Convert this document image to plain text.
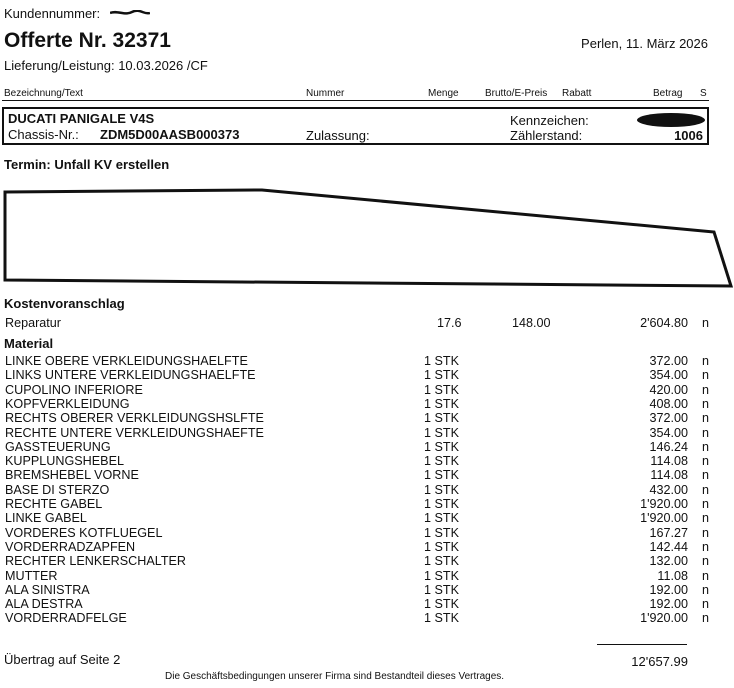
Kundennummer:
Offerte Nr. 32371	Perlen, 11. März 2026
Lieferung/Leistung: 10.03.2026 /CF
Bezeichnung/Text	Nummer	Menge	Brutto/E-Preis Rabatt	Betrag S
DUCATI PANIGALE V4S
Chassis-Nr.: ZDM5D00AASB000373	Zulassung:
Kennzeichen:
Zählerstand:	1006
Termin: Unfall KV erstellen
Kostenvoranschlag
Reparatur	17.6	148.00	2'604.80 n
Material
LINKE OBERE VERKLEIDUNGSHAELFTE	1 STK	372.00 n
LINKS UNTERE VERKLEIDUNGSHAELFTE	1 STK	354.00 n
CUPOLINO INFERIORE	1 STK	420.00 n
KOPFVERKLEIDUNG	1 STK	408.00 n
RECHTS OBERER VERKLEIDUNGSHSLFTE	1 STK	372.00 n
RECHTE UNTERE VERKLEIDUNGSHAEFTE	1 STK	354.00 n
GASSTEUERUNG	1 STK	146.24 n
KUPPLUNGSHEBEL	1 STK	114.08 n
BREMSHEBEL VORNE	1 STK	114.08 n
BASE DI STERZO	1 STK	432.00 n
RECHTE GABEL	1 STK	1'920.00 n
LINKE GABEL	1 STK	1'920.00 n
VORDERES KOTFLUEGEL	1 STK	167.27 n
VORDERRADZAPFEN	1 STK	142.44 n
RECHTER LENKERSCHALTER	1 STK	132.00 n
MUTTER	1 STK	11.08 n
ALA SINISTRA	1 STK	192.00 n
ALA DESTRA	1 STK	192.00 n
VORDERRADFELGE	1 STK	1'920.00 n
Übertrag auf Seite 2	12'657.99
Die Geschäftsbedingungen unserer Firma sind Bestandteil dieses Vertrages.
